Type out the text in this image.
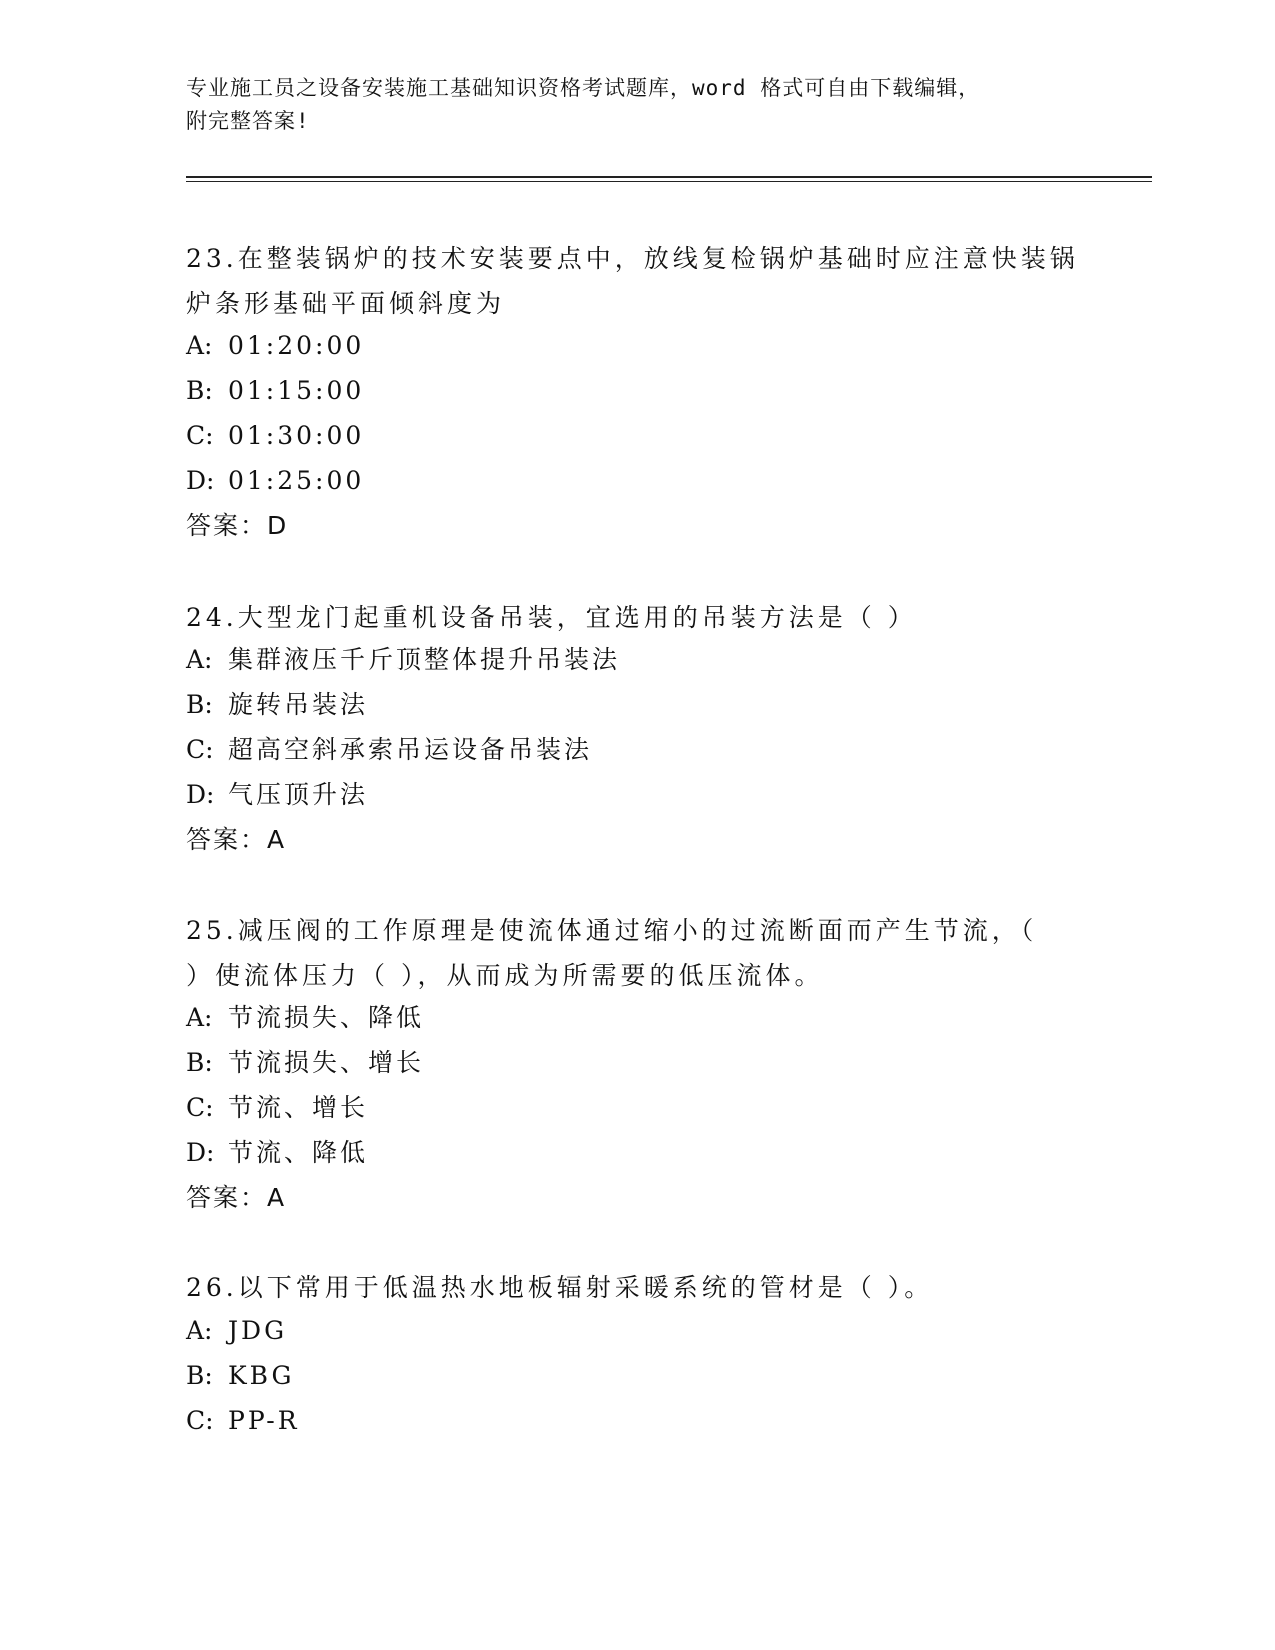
专业施工员之设备安装施工基础知识资格考试题库，word 格式可自由下载编辑，
附完整答案!
23.在整装锅炉的技术安装要点中，放线复检锅炉基础时应注意快装锅
炉条形基础平面倾斜度为
A: 01:20:00
B: 01:15:00
C: 01:30:00
D: 01:25:00
答案：D
24.大型龙门起重机设备吊装，宜选用的吊装方法是（ ）
A: 集群液压千斤顶整体提升吊装法
B: 旋转吊装法
C: 超高空斜承索吊运设备吊装法
D: 气压顶升法
答案：A
25.减压阀的工作原理是使流体通过缩小的过流断面而产生节流，（
）使流体压力（ ），从而成为所需要的低压流体。
A: 节流损失、降低
B: 节流损失、增长
C: 节流、增长
D: 节流、降低
答案：A
26.以下常用于低温热水地板辐射采暖系统的管材是（ ）。
A: JDG
B: KBG
C: PP-R
